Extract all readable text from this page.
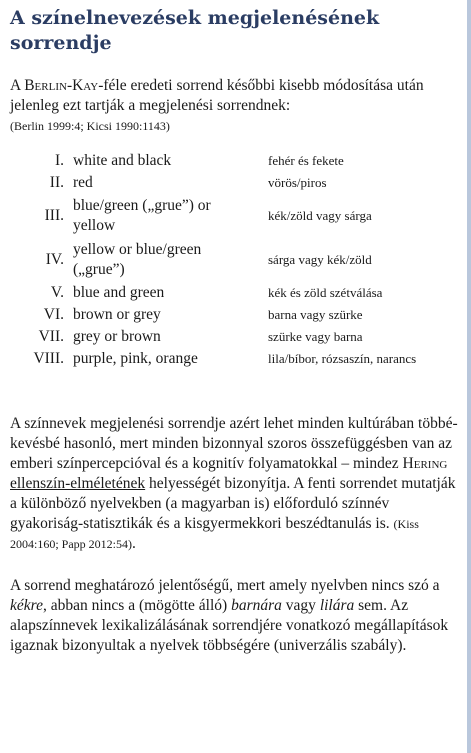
A színelnevezések megjelenésének sorrendje

A Berlin-Kay-féle eredeti sorrend későbbi kisebb módosítása után jelenleg ezt tartják a megjelenési sorrendnek:
(Berlin 1999:4; Kicsi 1990:1143)

I.	white and black	fehér és fekete
II.	red	vörös/piros
III.	blue/green („grue”) or yellow	kék/zöld vagy sárga
IV.	yellow or blue/green („grue”)	sárga vagy kék/zöld
V.	blue and green	kék és zöld szétválása
VI.	brown or grey	barna vagy szürke
VII.	grey or brown	szürke vagy barna
VIII.	purple, pink, orange	lila/bíbor, rózsaszín, narancs

A színnevek megjelenési sorrendje azért lehet minden kultúrában többé-kevésbé hasonló, mert minden bizonnyal szoros összefüggésben van az emberi színpercepcióval és a kognitív folyamatokkal – mindez Hering ellenszín-elméletének helyességét bizonyítja. A fenti sorrendet mutatják a különböző nyelvekben (a magyarban is) előforduló színnév gyakoriság-statisztikák és a kisgyermekkori beszédtanulás is. (Kiss 2004:160; Papp 2012:54).

A sorrend meghatározó jelentőségű, mert amely nyelvben nincs szó a kékre, abban nincs a (mögötte álló) barnára vagy lilára sem. Az alapszínnevek lexikalizálásának sorrendjére vonatkozó megállapítások igaznak bizonyultak a nyelvek többségére (univerzális szabály).
